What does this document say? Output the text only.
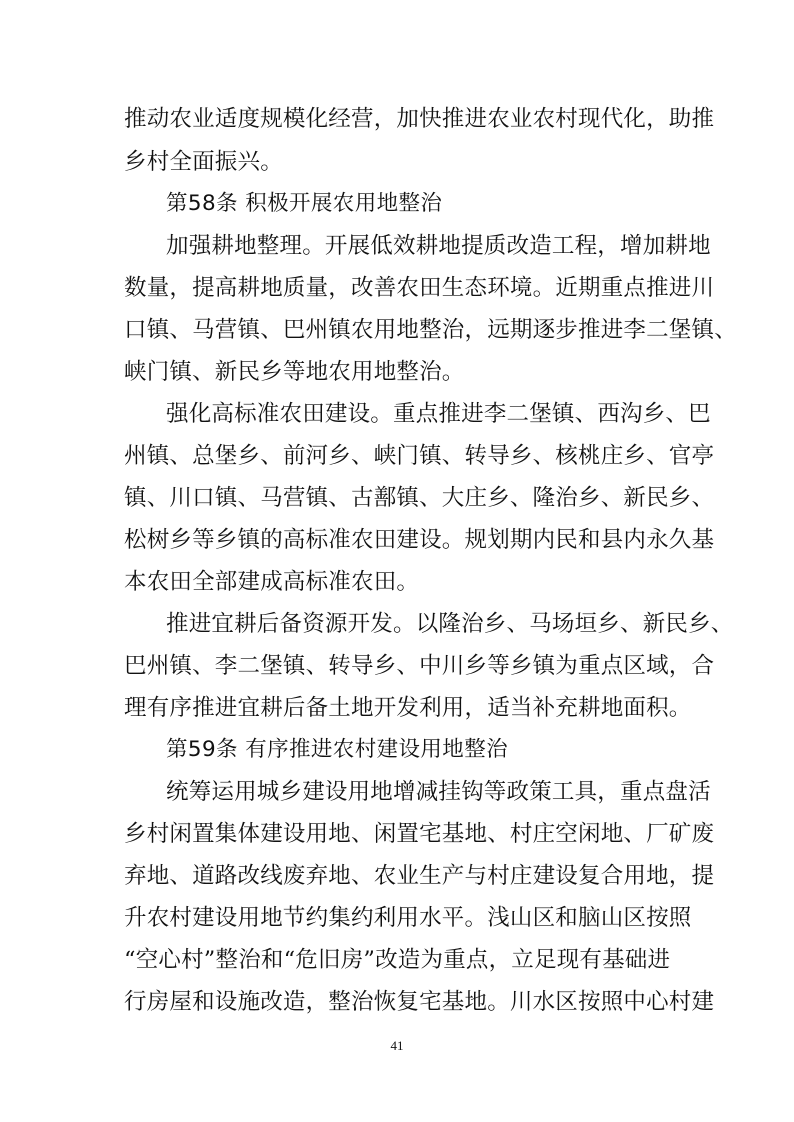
推动农业适度规模化经营，加快推进农业农村现代化，助推
乡村全面振兴。
第58条 积极开展农用地整治
加强耕地整理。开展低效耕地提质改造工程，增加耕地
数量，提高耕地质量，改善农田生态环境。近期重点推进川
口镇、马营镇、巴州镇农用地整治，远期逐步推进李二堡镇、
峡门镇、新民乡等地农用地整治。
强化高标准农田建设。重点推进李二堡镇、西沟乡、巴
州镇、总堡乡、前河乡、峡门镇、转导乡、核桃庄乡、官亭
镇、川口镇、马营镇、古鄯镇、大庄乡、隆治乡、新民乡、
松树乡等乡镇的高标准农田建设。规划期内民和县内永久基
本农田全部建成高标准农田。
推进宜耕后备资源开发。以隆治乡、马场垣乡、新民乡、
巴州镇、李二堡镇、转导乡、中川乡等乡镇为重点区域，合
理有序推进宜耕后备土地开发利用，适当补充耕地面积。
第59条 有序推进农村建设用地整治
统筹运用城乡建设用地增减挂钩等政策工具，重点盘活
乡村闲置集体建设用地、闲置宅基地、村庄空闲地、厂矿废
弃地、道路改线废弃地、农业生产与村庄建设复合用地，提
升农村建设用地节约集约利用水平。浅山区和脑山区按照
“空心村”整治和“危旧房”改造为重点，立足现有基础进
行房屋和设施改造，整治恢复宅基地。川水区按照中心村建
41
